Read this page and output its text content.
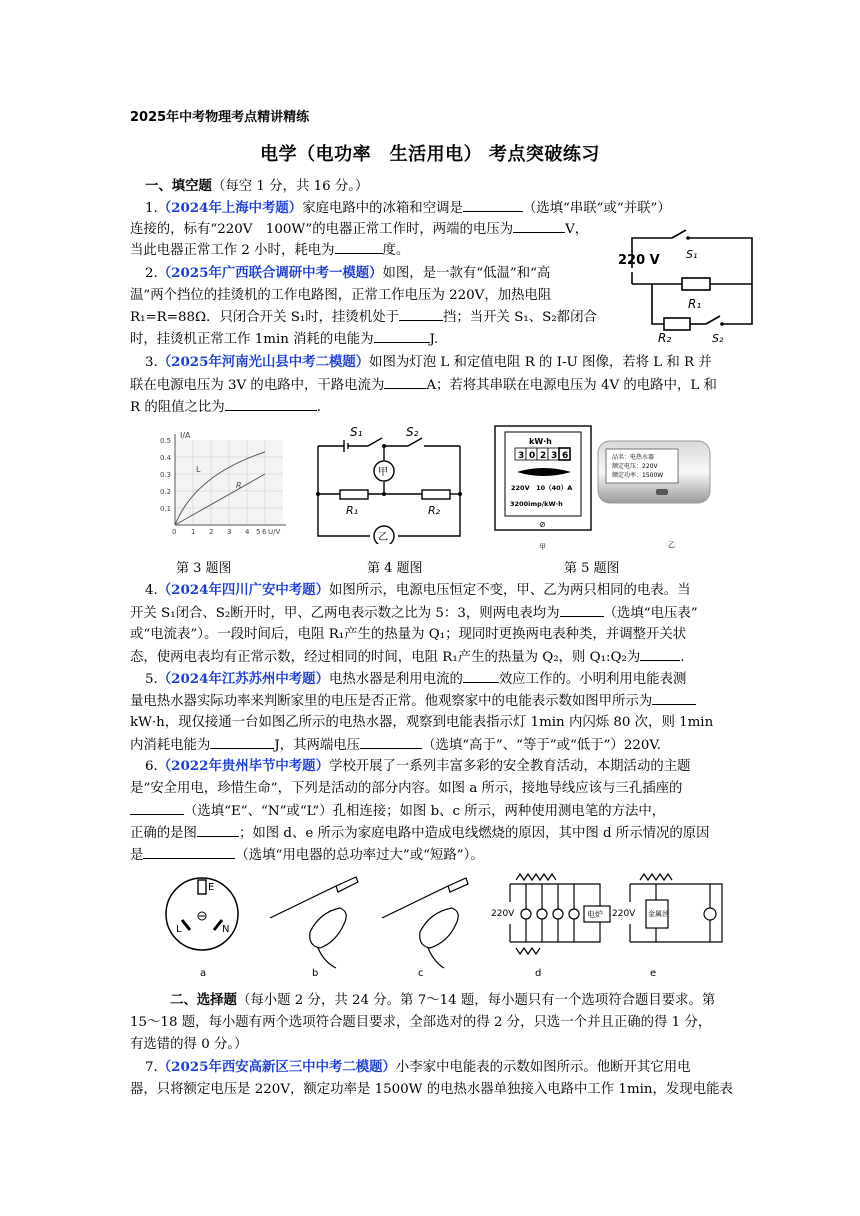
2025年中考物理考点精讲精练
电学（电功率　生活用电） 考点突破练习
一、填空题（每空 1 分，共 16 分。）
1.（2024年上海中考题）家庭电路中的冰箱和空调是	（选填“串联”或“并联”）
连接的，标有“220V　100W”的电器正常工作时，两端的电压为	V，
当此电器正常工作 2 小时，耗电为	度。
220 V S₁
R₁
R₂	S₂
2.（2025年广西联合调研中考一模题）如图，是一款有“低温”和“高
温”两个挡位的挂烫机的工作电路图，正常工作电压为 220V，加热电阻
R₁=R=88Ω．只闭合开关 S₁时，挂烫机处于	挡；当开关 S₁、S₂都闭合
时，挂烫机正常工作 1min 消耗的电能为	J.
3.（2025年河南光山县中考二模题）如图为灯泡 L 和定值电阻 R 的 I-U 图像，若将 L 和 R 并
联在电源电压为 3V 的电路中，干路电流为	A；若将其串联在电源电压为 4V 的电路中，L 和
R 的阻值之比为	.
I/A
U/V
0.5
0.4
0.3
0.2
0.1
0 1 2 3 4 5 6
L
R
S₁	S₂
甲
乙
R₁	R₂
kW·h
3 0 2 3 6
220V　10（40）A
3200imp/kW·h
⊘
甲
品名：电热水器
额定电压：220V
额定功率：1500W
乙
第 3 题图	第 4 题图	第 5 题图
4.（2024年四川广安中考题）如图所示，电源电压恒定不变，甲、乙为两只相同的电表。当
开关 S₁闭合、S₂断开时，甲、乙两电表示数之比为 5：3，则两电表均为	（选填“电压表”
或“电流表”）。一段时间后，电阻 R₁产生的热量为 Q₁；现同时更换两电表种类，并调整开关状
态，使两电表均有正常示数，经过相同的时间，电阻 R₁产生的热量为 Q₂，则 Q₁:Q₂为	.
5.（2024年江苏苏州中考题）电热水器是利用电流的	效应工作的。小明利用电能表测
量电热水器实际功率来判断家里的电压是否正常。他观察家中的电能表示数如图甲所示为
kW·h，现仅接通一台如图乙所示的电热水器，观察到电能表指示灯 1min 内闪烁 80 次，则 1min
内消耗电能为	J，其两端电压	（选填“高于”、“等于”或“低于”）220V.
6.（2022年贵州毕节中考题）学校开展了一系列丰富多彩的安全教育活动，本期活动的主题
是“安全用电，珍惜生命”，下列是活动的部分内容。如图 a 所示，接地导线应该与三孔插座的
（选填“E”、“N”或“L”）孔相连接；如图 b、c 所示，两种使用测电笔的方法中，
正确的是图	；如图 d、e 所示为家庭电路中造成电线燃烧的原因，其中图 d 所示情况的原因
是	（选填“用电器的总功率过大”或“短路”）。
E
L	N
a	b	c
220V	电炉
d
220V 金属丝
e
二、选择题（每小题 2 分，共 24 分。第 7～14 题，每小题只有一个选项符合题目要求。第
15～18 题，每小题有两个选项符合题目要求，全部选对的得 2 分，只选一个并且正确的得 1 分，
有选错的得 0 分。）
7.（2025年西安高新区三中中考二模题）小李家中电能表的示数如图所示。他断开其它用电
器，只将额定电压是 220V，额定功率是 1500W 的电热水器单独接入电路中工作 1min，发现电能表
